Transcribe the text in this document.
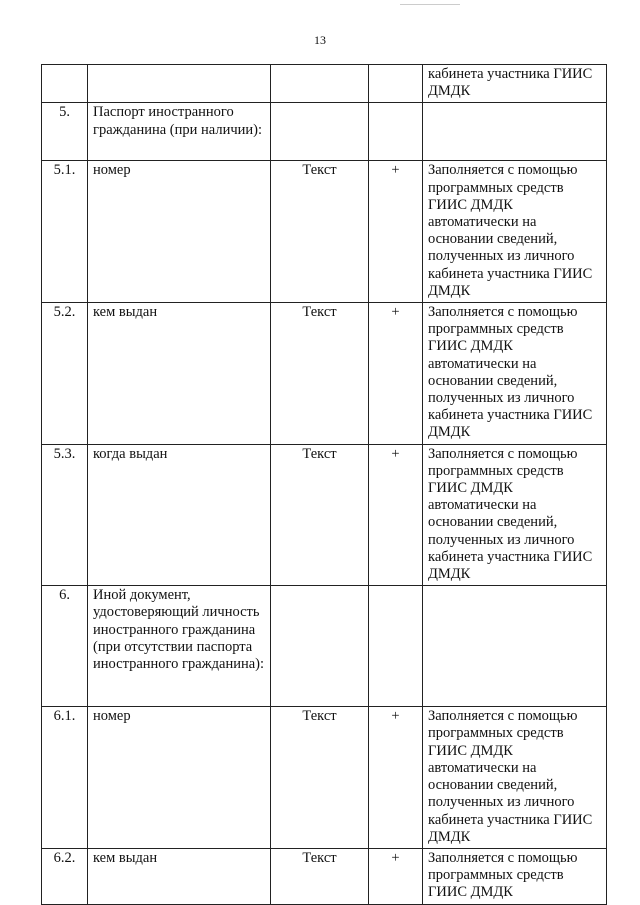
13
				кабинета участника ГИИС ДМДК
5.	Паспорт иностранного гражданина (при наличии):			
5.1.	номер	Текст	+	Заполняется с помощью программных средств ГИИС ДМДК автоматически на основании сведений, полученных из личного кабинета участника ГИИС ДМДК
5.2.	кем выдан	Текст	+	Заполняется с помощью программных средств ГИИС ДМДК автоматически на основании сведений, полученных из личного кабинета участника ГИИС ДМДК
5.3.	когда выдан	Текст	+	Заполняется с помощью программных средств ГИИС ДМДК автоматически на основании сведений, полученных из личного кабинета участника ГИИС ДМДК
6.	Иной документ, удостоверяющий личность иностранного гражданина (при отсутствии паспорта иностранного гражданина):			
6.1.	номер	Текст	+	Заполняется с помощью программных средств ГИИС ДМДК автоматически на основании сведений, полученных из личного кабинета участника ГИИС ДМДК
6.2.	кем выдан	Текст	+	Заполняется с помощью программных средств ГИИС ДМДК
